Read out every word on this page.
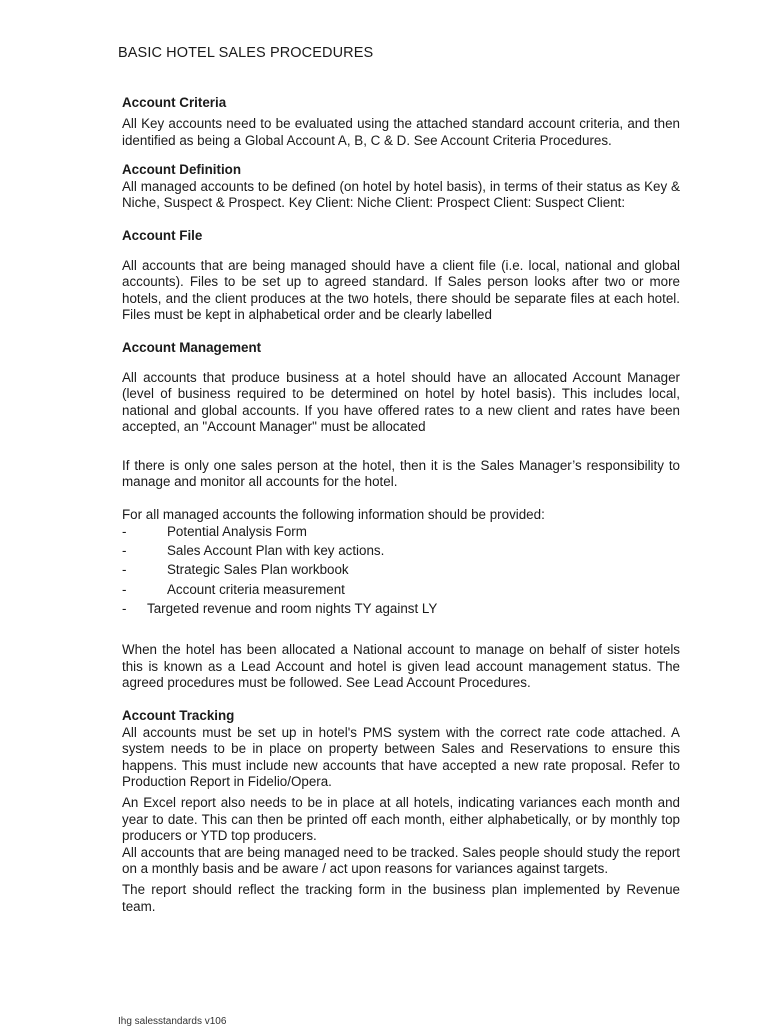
BASIC HOTEL SALES PROCEDURES
Account Criteria

All Key accounts need to be evaluated using the attached standard account criteria, and then identified as being a Global Account A, B, C & D. See Account Criteria Procedures.

Account Definition

All managed accounts to be defined (on hotel by hotel basis), in terms of their status as Key & Niche, Suspect & Prospect. Key Client: Niche Client: Prospect Client: Suspect Client:

Account File

All accounts that are being managed should have a client file (i.e. local, national and global accounts). Files to be set up to agreed standard. If Sales person looks after two or more hotels, and the client produces at the two hotels, there should be separate files at each hotel. Files must be kept in alphabetical order and be clearly labelled

Account Management

All accounts that produce business at a hotel should have an allocated Account Manager (level of business required to be determined on hotel by hotel basis). This includes local, national and global accounts. If you have offered rates to a new client and rates have been accepted, an "Account Manager" must be allocated

If there is only one sales person at the hotel, then it is the Sales Manager’s responsibility to manage and monitor all accounts for the hotel.

For all managed accounts the following information should be provided:

-	Potential Analysis Form
-	Sales Account Plan with key actions.
-	Strategic Sales Plan workbook
-	Account criteria measurement
- Targeted revenue and room nights TY against LY

When the hotel has been allocated a National account to manage on behalf of sister hotels this is known as a Lead Account and hotel is given lead account management status. The agreed procedures must be followed. See Lead Account Procedures.

Account Tracking

All accounts must be set up in hotel's PMS system with the correct rate code attached. A system needs to be in place on property between Sales and Reservations to ensure this happens. This must include new accounts that have accepted a new rate proposal. Refer to Production Report in Fidelio/Opera.

An Excel report also needs to be in place at all hotels, indicating variances each month and year to date. This can then be printed off each month, either alphabetically, or by monthly top producers or YTD top producers.

All accounts that are being managed need to be tracked. Sales people should study the report on a monthly basis and be aware / act upon reasons for variances against targets.

The report should reflect the tracking form in the business plan implemented by Revenue team.

Ihg salesstandards v106
